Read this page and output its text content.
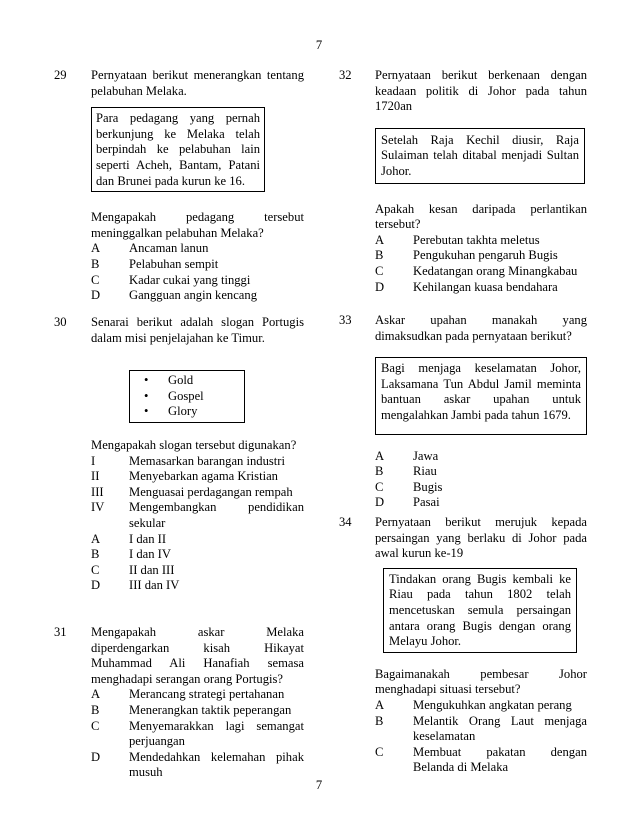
7
29 Pernyataan berikut menerangkan tentang pelabuhan Melaka.

Para pedagang yang pernah berkunjung ke Melaka telah berpindah ke pelabuhan lain seperti Acheh, Bantam, Patani dan Brunei pada kurun ke 16.

Mengapakah pedagang tersebut meninggalkan pelabuhan Melaka?

A	Ancaman lanun
B	Pelabuhan sempit
C	Kadar cukai yang tinggi
D	Gangguan angin kencang
30 Senarai berikut adalah slogan Portugis dalam misi penjelajahan ke Timur.

• Gold
• Gospel
• Glory

Mengapakah slogan tersebut digunakan?

I	Memasarkan barangan industri
II	Menyebarkan agama Kristian
III	Menguasai perdagangan rempah
IV	Mengembangkan pendidikan sekular
A	I dan II
B	I dan IV
C	II dan III
D	III dan IV
31 Mengapakah askar Melaka diperdengarkan kisah Hikayat Muhammad Ali Hanafiah semasa menghadapi serangan orang Portugis?

A	Merancang strategi pertahanan
B	Menerangkan taktik peperangan
C	Menyemarakkan lagi semangat perjuangan
D	Mendedahkan kelemahan pihak musuh
32 Pernyataan berikut berkenaan dengan keadaan politik di Johor pada tahun 1720an

Setelah Raja Kechil diusir, Raja Sulaiman telah ditabal menjadi Sultan Johor.

Apakah kesan daripada perlantikan tersebut?

A	Perebutan takhta meletus
B	Pengukuhan pengaruh Bugis
C	Kedatangan orang Minangkabau
D	Kehilangan kuasa bendahara
33 Askar upahan manakah yang dimaksudkan pada pernyataan berikut?

Bagi menjaga keselamatan Johor, Laksamana Tun Abdul Jamil meminta bantuan askar upahan untuk mengalahkan Jambi pada tahun 1679.
A	Jawa
B	Riau
C	Bugis
D	Pasai
34 Pernyataan berikut merujuk kepada persaingan yang berlaku di Johor pada awal kurun ke-19

Tindakan orang Bugis kembali ke Riau pada tahun 1802 telah mencetuskan semula persaingan antara orang Bugis dengan orang Melayu Johor.

Bagaimanakah pembesar Johor menghadapi situasi tersebut?

A	Mengukuhkan angkatan perang
B	Melantik Orang Laut menjaga keselamatan
C	Membuat pakatan dengan Belanda di Melaka
7
